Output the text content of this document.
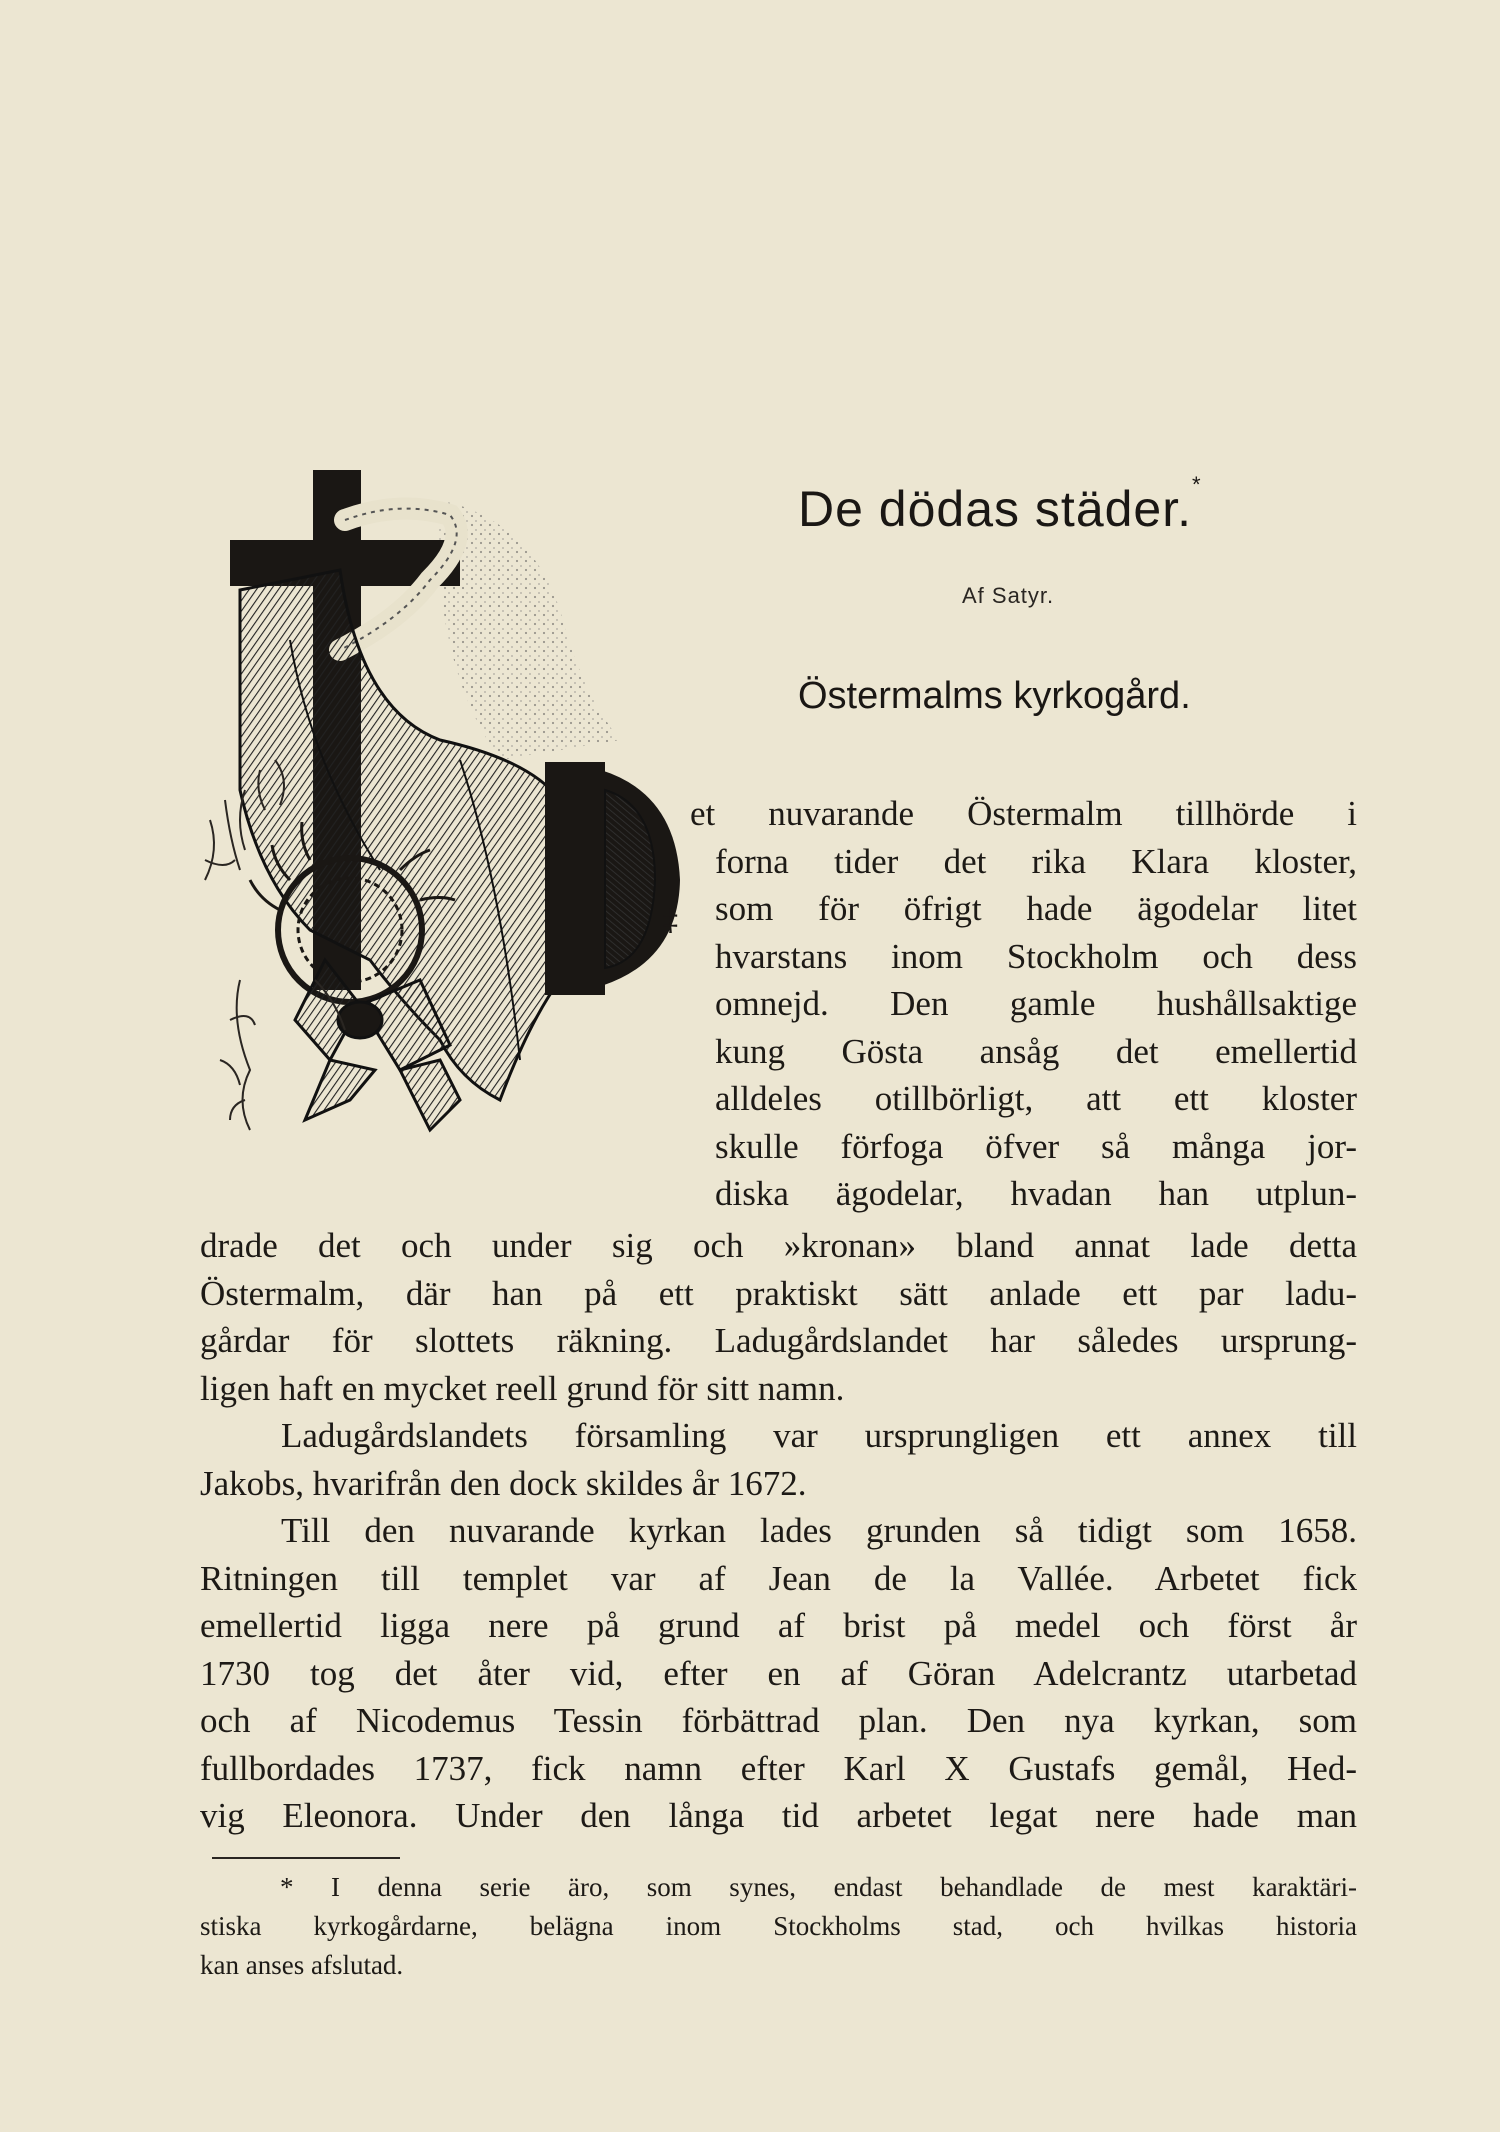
‡
De dödas städer.*
Af Satyr.
Östermalms kyrkogård.
et nuvarande Östermalm tillhörde i
forna tider det rika Klara kloster,
som för öfrigt hade ägodelar litet
hvarstans inom Stockholm och dess
omnejd. Den gamle hushållsaktige
kung Gösta ansåg det emellertid
alldeles otillbörligt, att ett kloster
skulle förfoga öfver så många jor-
diska ägodelar, hvadan han utplun-
drade det och under sig och »kronan» bland annat lade detta
Östermalm, där han på ett praktiskt sätt anlade ett par ladu-
gårdar för slottets räkning. Ladugårdslandet har således ursprung-
ligen haft en mycket reell grund för sitt namn.
Ladugårdslandets församling var ursprungligen ett annex till
Jakobs, hvarifrån den dock skildes år 1672.
Till den nuvarande kyrkan lades grunden så tidigt som 1658.
Ritningen till templet var af Jean de la Vallée. Arbetet fick
emellertid ligga nere på grund af brist på medel och först år
1730 tog det åter vid, efter en af Göran Adelcrantz utarbetad
och af Nicodemus Tessin förbättrad plan. Den nya kyrkan, som
fullbordades 1737, fick namn efter Karl X Gustafs gemål, Hed-
vig Eleonora. Under den långa tid arbetet legat nere hade man
* I denna serie äro, som synes, endast behandlade de mest karaktäri-
stiska kyrkogårdarne, belägna inom Stockholms stad, och hvilkas historia
kan anses afslutad.
